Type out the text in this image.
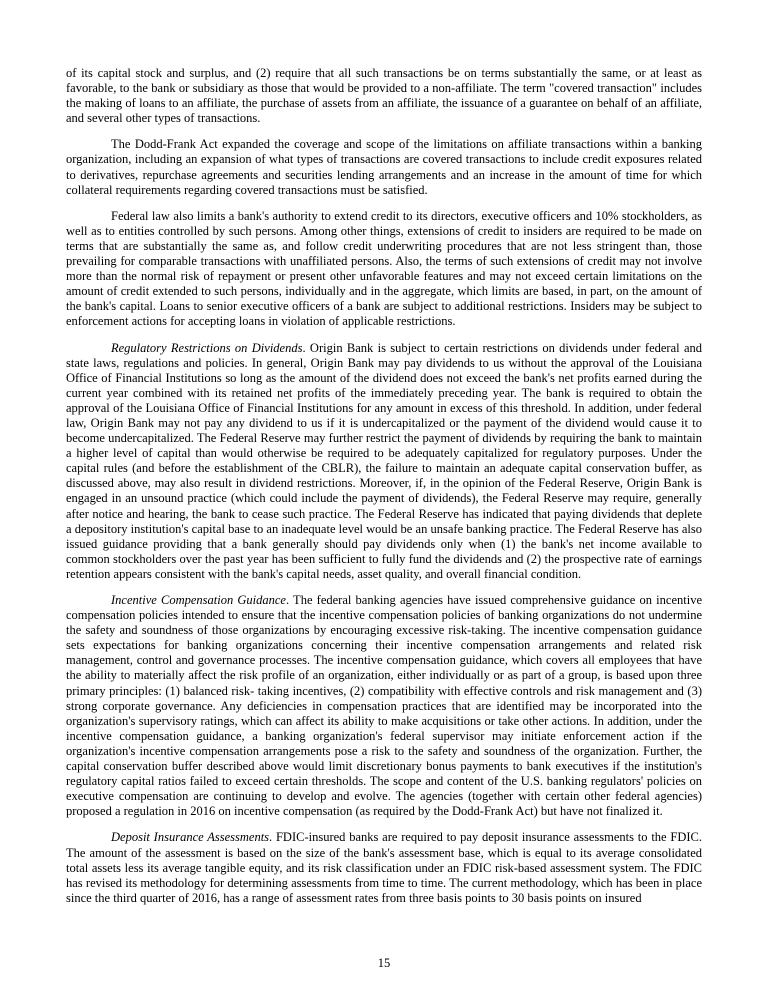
of its capital stock and surplus, and (2) require that all such transactions be on terms substantially the same, or at least as favorable, to the bank or subsidiary as those that would be provided to a non-affiliate. The term "covered transaction" includes the making of loans to an affiliate, the purchase of assets from an affiliate, the issuance of a guarantee on behalf of an affiliate, and several other types of transactions.

The Dodd-Frank Act expanded the coverage and scope of the limitations on affiliate transactions within a banking organization, including an expansion of what types of transactions are covered transactions to include credit exposures related to derivatives, repurchase agreements and securities lending arrangements and an increase in the amount of time for which collateral requirements regarding covered transactions must be satisfied.

Federal law also limits a bank's authority to extend credit to its directors, executive officers and 10% stockholders, as well as to entities controlled by such persons. Among other things, extensions of credit to insiders are required to be made on terms that are substantially the same as, and follow credit underwriting procedures that are not less stringent than, those prevailing for comparable transactions with unaffiliated persons. Also, the terms of such extensions of credit may not involve more than the normal risk of repayment or present other unfavorable features and may not exceed certain limitations on the amount of credit extended to such persons, individually and in the aggregate, which limits are based, in part, on the amount of the bank's capital. Loans to senior executive officers of a bank are subject to additional restrictions. Insiders may be subject to enforcement actions for accepting loans in violation of applicable restrictions.

Regulatory Restrictions on Dividends. Origin Bank is subject to certain restrictions on dividends under federal and state laws, regulations and policies. In general, Origin Bank may pay dividends to us without the approval of the Louisiana Office of Financial Institutions so long as the amount of the dividend does not exceed the bank's net profits earned during the current year combined with its retained net profits of the immediately preceding year. The bank is required to obtain the approval of the Louisiana Office of Financial Institutions for any amount in excess of this threshold. In addition, under federal law, Origin Bank may not pay any dividend to us if it is undercapitalized or the payment of the dividend would cause it to become undercapitalized. The Federal Reserve may further restrict the payment of dividends by requiring the bank to maintain a higher level of capital than would otherwise be required to be adequately capitalized for regulatory purposes. Under the capital rules (and before the establishment of the CBLR), the failure to maintain an adequate capital conservation buffer, as discussed above, may also result in dividend restrictions. Moreover, if, in the opinion of the Federal Reserve, Origin Bank is engaged in an unsound practice (which could include the payment of dividends), the Federal Reserve may require, generally after notice and hearing, the bank to cease such practice. The Federal Reserve has indicated that paying dividends that deplete a depository institution's capital base to an inadequate level would be an unsafe banking practice. The Federal Reserve has also issued guidance providing that a bank generally should pay dividends only when (1) the bank's net income available to common stockholders over the past year has been sufficient to fully fund the dividends and (2) the prospective rate of earnings retention appears consistent with the bank's capital needs, asset quality, and overall financial condition.

Incentive Compensation Guidance. The federal banking agencies have issued comprehensive guidance on incentive compensation policies intended to ensure that the incentive compensation policies of banking organizations do not undermine the safety and soundness of those organizations by encouraging excessive risk-taking. The incentive compensation guidance sets expectations for banking organizations concerning their incentive compensation arrangements and related risk management, control and governance processes. The incentive compensation guidance, which covers all employees that have the ability to materially affect the risk profile of an organization, either individually or as part of a group, is based upon three primary principles: (1) balanced risk- taking incentives, (2) compatibility with effective controls and risk management and (3) strong corporate governance. Any deficiencies in compensation practices that are identified may be incorporated into the organization's supervisory ratings, which can affect its ability to make acquisitions or take other actions. In addition, under the incentive compensation guidance, a banking organization's federal supervisor may initiate enforcement action if the organization's incentive compensation arrangements pose a risk to the safety and soundness of the organization. Further, the capital conservation buffer described above would limit discretionary bonus payments to bank executives if the institution's regulatory capital ratios failed to exceed certain thresholds. The scope and content of the U.S. banking regulators' policies on executive compensation are continuing to develop and evolve. The agencies (together with certain other federal agencies) proposed a regulation in 2016 on incentive compensation (as required by the Dodd-Frank Act) but have not finalized it.

Deposit Insurance Assessments. FDIC-insured banks are required to pay deposit insurance assessments to the FDIC. The amount of the assessment is based on the size of the bank's assessment base, which is equal to its average consolidated total assets less its average tangible equity, and its risk classification under an FDIC risk-based assessment system. The FDIC has revised its methodology for determining assessments from time to time. The current methodology, which has been in place since the third quarter of 2016, has a range of assessment rates from three basis points to 30 basis points on insured

15
